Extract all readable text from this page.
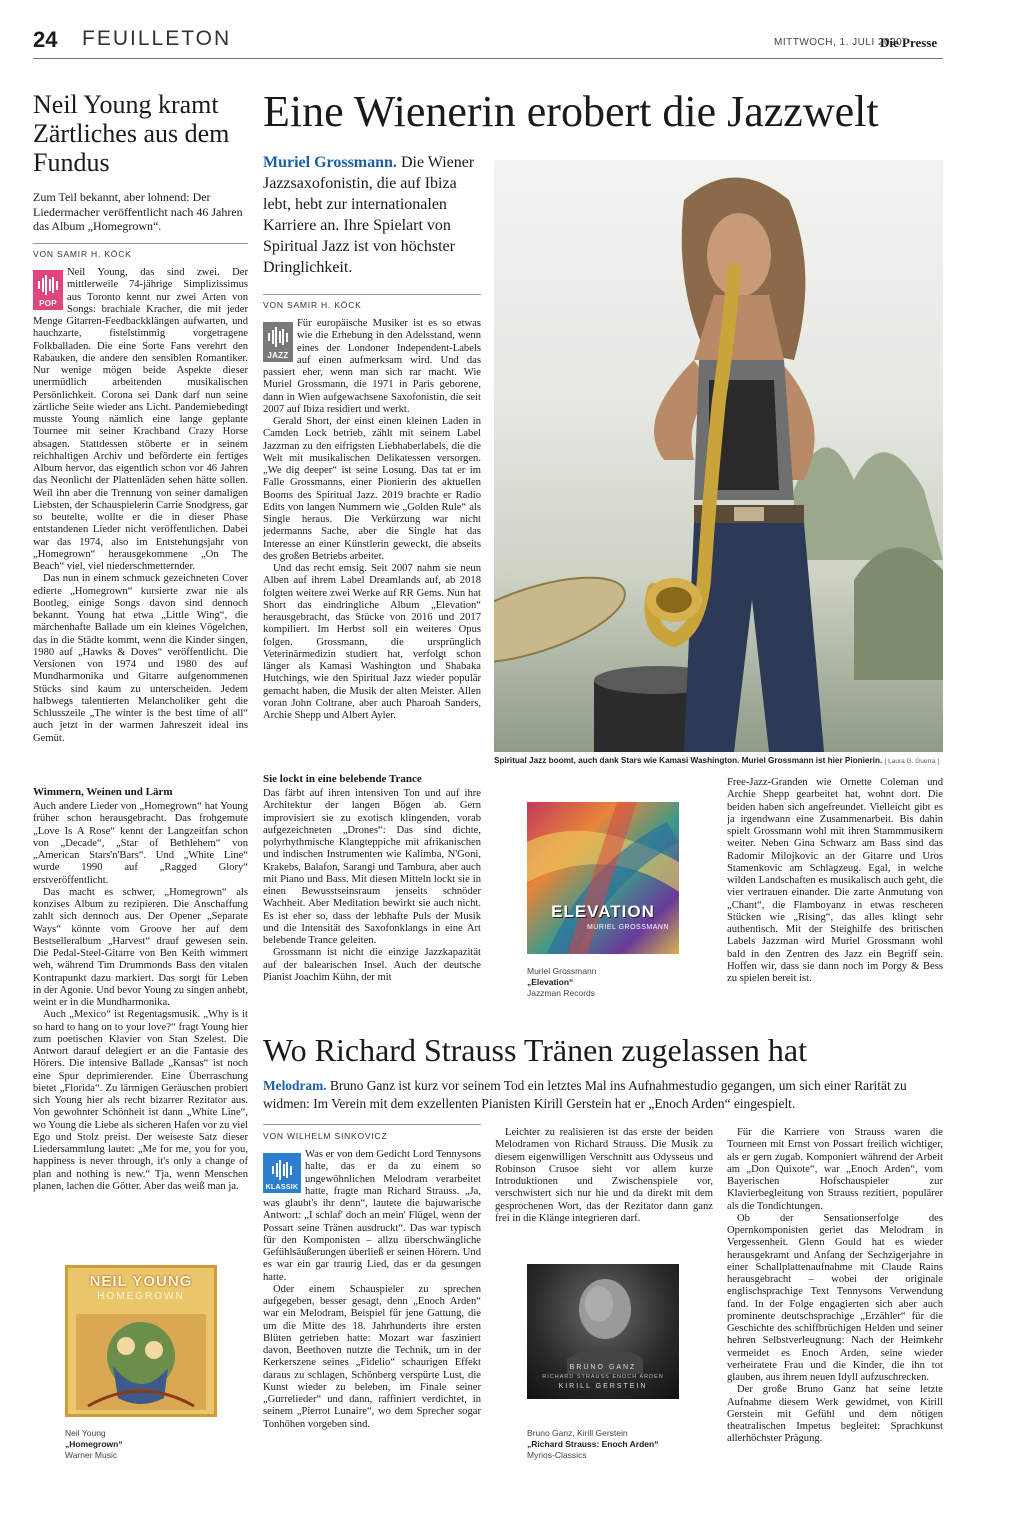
24 FEUILLETON	MITTWOCH, 1. JULI 2020
Die Presse
Neil Young kramt Zärtliches aus dem Fundus
Zum Teil bekannt, aber lohnend: Der Liedermacher veröffentlicht nach 46 Jahren das Album „Homegrown“.
VON SAMIR H. KÖCK
POP

Neil Young, das sind zwei. Der mittlerweile 74-jährige Simplizissimus aus Toronto kennt nur zwei Arten von Songs: brachiale Kracher, die mit jeder Menge Gitarren-Feedbackklängen aufwarten, und hauchzarte, fistelstimmig vorgetragene Folkballaden. Die eine Sorte Fans verehrt den Rabauken, die andere den sensiblen Romantiker. Nur wenige mögen beide Aspekte dieser unermüdlich arbeitenden musikalischen Persönlichkeit. Corona sei Dank darf nun seine zärtliche Seite wieder ans Licht. Pandemiebedingt musste Young nämlich eine lange geplante Tournee mit seiner Krachband Crazy Horse absagen. Stattdessen stöberte er in seinem reichhaltigen Archiv und beförderte ein fertiges Album hervor, das eigentlich schon vor 46 Jahren das Neonlicht der Plattenläden sehen hätte sollen. Weil ihn aber die Trennung von seiner damaligen Liebsten, der Schauspielerin Carrie Snodgress, gar so beutelte, wollte er die in dieser Phase entstandenen Lieder nicht veröffentlichen. Dabei war das 1974, also im Entstehungsjahr von „Homegrown“ herausgekommene „On The Beach“ viel, viel niederschmetternder.

Das nun in einem schmuck gezeichneten Cover edierte „Homegrown“ kursierte zwar nie als Bootleg, einige Songs davon sind dennoch bekannt. Young hat etwa „Little Wing“, die märchenhafte Ballade um ein kleines Vögelchen, das in die Städte kommt, wenn die Kinder singen, 1980 auf „Hawks & Doves“ veröffentlicht. Die Versionen von 1974 und 1980 des auf Mundharmonika und Gitarre aufgenommenen Stücks sind kaum zu unterscheiden. Jedem halbwegs talentierten Melancholiker geht die Schlusszeile „The winter is the best time of all“ auch jetzt in der warmen Jahreszeit ideal ins Gemüt.

Wimmern, Weinen und Lärm

Auch andere Lieder von „Homegrown“ hat Young früher schon herausgebracht. Das frohgemute „Love Is A Rose“ kennt der Langzeitfan schon von „Decade“, „Star of Bethlehem“ von „American Stars'n'Bars“. Und „White Line“ wurde 1990 auf „Ragged Glory“ erstveröffentlicht.

Das macht es schwer, „Homegrown“ als konzises Album zu rezipieren. Die Anschaffung zahlt sich dennoch aus. Der Opener „Separate Ways“ könnte vom Groove her auf dem Bestselleralbum „Harvest“ drauf gewesen sein. Die Pedal-Steel-Gitarre von Ben Keith wimmert weh, während Tim Drummonds Bass den vitalen Kontrapunkt dazu markiert. Das sorgt für Leben in der Agonie. Und bevor Young zu singen anhebt, weint er in die Mundharmonika.

Auch „Mexico“ ist Regentagsmusik. „Why is it so hard to hang on to your love?“ fragt Young hier zum poetischen Klavier von Stan Szelest. Die Antwort darauf delegiert er an die Fantasie des Hörers. Die intensive Ballade „Kansas“ ist noch eine Spur deprimierender. Eine Überraschung bietet „Florida“. Zu lärmigen Geräuschen probiert sich Young hier als recht bizarrer Rezitator aus. Von gewohnter Schönheit ist dann „White Line“, wo Young die Liebe als sicheren Hafen vor zu viel Ego und Stolz preist. Der weiseste Satz dieser Liedersammlung lautet: „Me for me, you for you, happiness is never through, it's only a change of plan and nothing is new.“ Tja, wenn Menschen planen, lachen die Götter. Aber das weiß man ja.

NEIL YOUNG
HOMEGROWN
Neil Young
„Homegrown“
Warner Music
Eine Wienerin erobert die Jazzwelt
Muriel Grossmann. Die Wiener Jazzsaxofonistin, die auf Ibiza lebt, hebt zur internationalen Karriere an. Ihre Spielart von Spiritual Jazz ist von höchster Dringlichkeit.
VON SAMIR H. KÖCK
JAZZ

Für europäische Musiker ist es so etwas wie die Erhebung in den Adelsstand, wenn eines der Londoner Independent-Labels auf einen aufmerksam wird. Und das passiert eher, wenn man sich rar macht. Wie Muriel Grossmann, die 1971 in Paris geborene, dann in Wien aufgewachsene Saxofonistin, die seit 2007 auf Ibiza residiert und werkt.

Gerald Short, der einst einen kleinen Laden in Camden Lock betrieb, zählt mit seinem Label Jazzman zu den eifrigsten Liebhaberlabels, die die Welt mit musikalischen Delikatessen versorgen. „We dig deeper“ ist seine Losung. Das tat er im Falle Grossmanns, einer Pionierin des aktuellen Booms des Spiritual Jazz. 2019 brachte er Radio Edits von langen Nummern wie „Golden Rule“ als Single heraus. Die Verkürzung war nicht jedermanns Sache, aber die Single hat das Interesse an einer Künstlerin geweckt, die abseits des großen Betriebs arbeitet.

Und das recht emsig. Seit 2007 nahm sie neun Alben auf ihrem Label Dreamlands auf, ab 2018 folgten weitere zwei Werke auf RR Gems. Nun hat Short das eindringliche Album „Elevation“ herausgebracht, das Stücke von 2016 und 2017 kompiliert. Im Herbst soll ein weiteres Opus folgen. Grossmann, die ursprünglich Veterinärmedizin studiert hat, verfolgt schon länger als Kamasi Washington und Shabaka Hutchings, wie den Spiritual Jazz wieder populär gemacht haben, die Musik der alten Meister. Allen voran John Coltrane, aber auch Pharoah Sanders, Archie Shepp und Albert Ayler.

Sie lockt in eine belebende Trance

Das färbt auf ihren intensiven Ton und auf ihre Architektur der langen Bögen ab. Gern improvisiert sie zu exotisch klingenden, vorab aufgezeichneten „Drones“: Das sind dichte, polyrhythmische Klangteppiche mit afrikanischen und indischen Instrumenten wie Kalimba, N'Goni, Krakebs, Balafon, Sarangi und Tambura, aber auch mit Piano und Bass. Mit diesen Mitteln lockt sie in einen Bewusstseinsraum jenseits schnöder Wachheit. Aber Meditation bewirkt sie auch nicht. Es ist eher so, dass der lebhafte Puls der Musik und die Intensität des Saxofonklangs in eine Art belebende Trance geleiten.

Grossmann ist nicht die einzige Jazzkapazität auf der balearischen Insel. Auch der deutsche Pianist Joachim Kühn, der mit

Spiritual Jazz boomt, auch dank Stars wie Kamasi Washington. Muriel Grossmann ist hier Pionierin. [ Laura G. Guerra ]
ELEVATION
MURIEL GROSSMANN
Muriel Grossmann
„Elevation“
Jazzman Records

Free-Jazz-Granden wie Ornette Coleman und Archie Shepp gearbeitet hat, wohnt dort. Die beiden haben sich angefreundet. Vielleicht gibt es ja irgendwann eine Zusammenarbeit. Bis dahin spielt Grossmann wohl mit ihren Stammmusikern weiter. Neben Gina Schwarz am Bass sind das Radomir Milojkovic an der Gitarre und Uros Stamenkovic am Schlagzeug. Egal, in welche wilden Landschaften es musikalisch auch geht, die vier vertrauen einander. Die zarte Anmutung von „Chant“, die Flamboyanz in etwas rescheren Stücken wie „Rising“, das alles klingt sehr authentisch. Mit der Steighilfe des britischen Labels Jazzman wird Muriel Grossmann wohl bald in den Zentren des Jazz ein Begriff sein. Hoffen wir, dass sie dann noch im Porgy & Bess zu spielen bereit ist.

Wo Richard Strauss Tränen zugelassen hat
Melodram. Bruno Ganz ist kurz vor seinem Tod ein letztes Mal ins Aufnahmestudio gegangen, um sich einer Rarität zu widmen: Im Verein mit dem exzellenten Pianisten Kirill Gerstein hat er „Enoch Arden“ eingespielt.
VON WILHELM SINKOVICZ
KLASSIK

Was er von dem Gedicht Lord Tennysons halte, das er da zu einem so ungewöhnlichen Melodram verarbeitet hatte, fragte man Richard Strauss. „Ja, was glaubt's ihr denn“, lautete die bajuwarische Antwort: „I schlaf' doch an mein' Flügel, wenn der Possart seine Tränen ausdruckt“. Das war typisch für den Komponisten – allzu überschwängliche Gefühlsäußerungen überließ er seinen Hörern. Und es war ein gar traurig Lied, das er da gesungen hatte.

Oder einem Schauspieler zu sprechen aufgegeben, besser gesagt, denn „Enoch Arden“ war ein Melodram, Beispiel für jene Gattung, die um die Mitte des 18. Jahrhunderts ihre ersten Blüten getrieben hatte: Mozart war fasziniert davon, Beethoven nutzte die Technik, um in der Kerkerszene seines „Fidelio“ schaurigen Effekt daraus zu schlagen, Schönberg verspürte Lust, die Kunst wieder zu beleben, im Finale seiner „Gurrelieder“ und dann, raffiniert verdichtet, in seinem „Pierrot Lunaire“, wo dem Sprecher sogar Tonhöhen vorgeben sind.

Leichter zu realisieren ist das erste der beiden Melodramen von Richard Strauss. Die Musik zu diesem eigenwilligen Verschnitt aus Odysseus und Robinson Crusoe sieht vor allem kurze Introduktionen und Zwischenspiele vor, verschwistert sich nur hie und da direkt mit dem gesprochenen Wort, das der Rezitator dann ganz frei in die Klänge integrieren darf.

BRUNO GANZ
RICHARD STRAUSS ENOCH ARDEN
KIRILL GERSTEIN
Bruno Ganz, Kirill Gerstein
„Richard Strauss: Enoch Arden“
Myrios-Classics

Für die Karriere von Strauss waren die Tourneen mit Ernst von Possart freilich wichtiger, als er gern zugab. Komponiert während der Arbeit am „Don Quixote“, war „Enoch Arden“, vom Bayerischen Hofschauspieler zur Klavierbegleitung von Strauss rezitiert, populärer als die Tondichtungen.

Ob der Sensationserfolge des Opernkomponisten geriet das Melodram in Vergessenheit. Glenn Gould hat es wieder herausgekramt und Anfang der Sechzigerjahre in einer Schallplattenaufnahme mit Claude Rains herausgebracht – wobei der originale englischsprachige Text Tennysons Verwendung fand. In der Folge engagierten sich aber auch prominente deutschsprachige „Erzähler“ für die Geschichte des schiffbrüchigen Helden und seiner hehren Selbstverleugnung: Nach der Heimkehr vermeidet es Enoch Arden, seine wieder verheiratete Frau und die Kinder, die ihn tot glauben, aus ihrem neuen Idyll aufzuschrecken.

Der große Bruno Ganz hat seine letzte Aufnahme diesem Werk gewidmet, von Kirill Gerstein mit Gefühl und dem nötigen theatralischen Impetus begleitet: Sprachkunst allerhöchster Prägung.
